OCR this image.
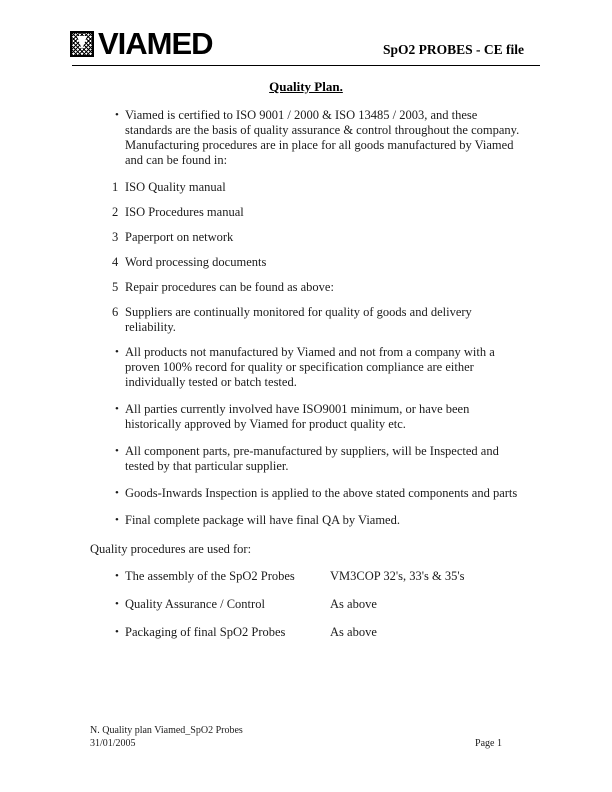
VIAMED	SpO2 PROBES - CE file
Quality Plan.
• Viamed is certified to ISO 9001 / 2000 & ISO 13485 / 2003, and these standards are the basis of quality assurance & control throughout the company.
Manufacturing procedures are in place for all goods manufactured by Viamed and can be found in:
1 ISO Quality manual
2 ISO Procedures manual
3 Paperport on network
4 Word processing documents
5 Repair procedures can be found as above:
6 Suppliers are continually monitored for quality of goods and delivery reliability.
• All products not manufactured by Viamed and not from a company with a proven 100% record for quality or specification compliance are either individually tested or batch tested.
• All parties currently involved have ISO9001 minimum, or have been historically approved by Viamed for product quality etc.
• All component parts, pre-manufactured by suppliers, will be Inspected and tested by that particular supplier.
• Goods-Inwards Inspection is applied to the above stated components and parts
• Final complete package will have final QA by Viamed.
Quality procedures are used for:
• The assembly of the SpO2 Probes	VM3COP 32's, 33's & 35's
• Quality Assurance / Control	As above
• Packaging of final SpO2 Probes	As above
N. Quality plan Viamed_SpO2 Probes
31/01/2005	Page 1
